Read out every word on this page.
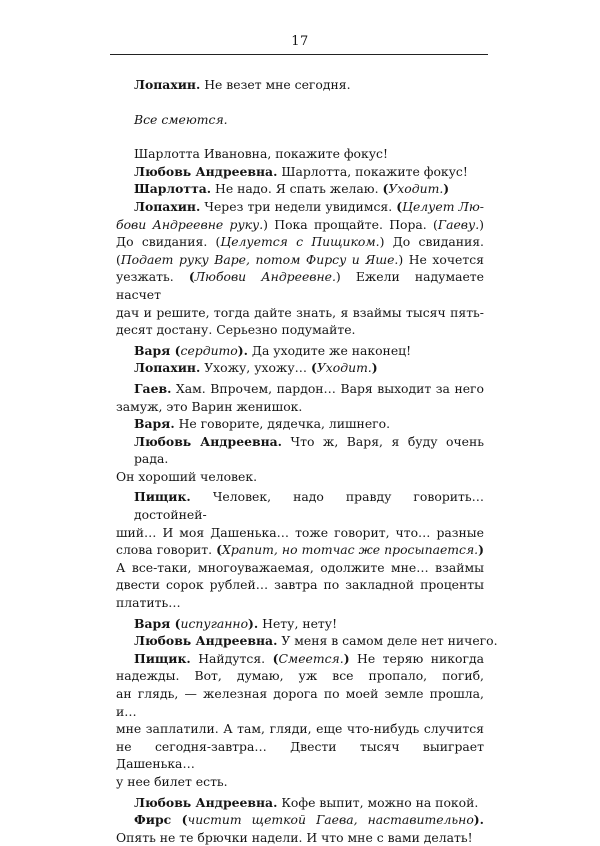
17
Лопахин. Не везет мне сегодня.
Все смеются.
Шарлотта Ивановна, покажите фокус!
Любовь Андреевна. Шарлотта, покажите фокус!
Шарлотта. Не надо. Я спать желаю. (Уходит.)
Лопахин. Через три недели увидимся. (Целует Лю-
бови Андреевне руку.) Пока прощайте. Пора. (Гаеву.)
До свидания. (Целуется с Пищиком.) До свидания.
(Подает руку Варе, потом Фирсу и Яше.) Не хочется
уезжать. (Любови Андреевне.) Ежели надумаете насчет
дач и решите, тогда дайте знать, я взаймы тысяч пять-
десят достану. Серьезно подумайте.
Варя (сердито). Да уходите же наконец!
Лопахин. Ухожу, ухожу… (Уходит.)
Гаев. Хам. Впрочем, пардон… Варя выходит за него
замуж, это Варин женишок.
Варя. Не говорите, дядечка, лишнего.
Любовь Андреевна. Что ж, Варя, я буду очень рада.
Он хороший человек.
Пищик. Человек, надо правду говорить… достойней-
ший… И моя Дашенька… тоже говорит, что… разные
слова говорит. (Храпит, но тотчас же просыпается.)
А все-таки, многоуважаемая, одолжите мне… взаймы
двести сорок рублей… завтра по закладной проценты
платить…
Варя (испуганно). Нету, нету!
Любовь Андреевна. У меня в самом деле нет ничего.
Пищик. Найдутся. (Смеется.) Не теряю никогда
надежды. Вот, думаю, уж все пропало, погиб,
ан глядь, — железная дорога по моей земле прошла, и…
мне заплатили. А там, гляди, еще что-нибудь случится
не сегодня-завтра… Двести тысяч выиграет Дашенька…
у нее билет есть.
Любовь Андреевна. Кофе выпит, можно на покой.
Фирс (чистит щеткой Гаева, наставительно).
Опять не те брючки надели. И что мне с вами делать!
